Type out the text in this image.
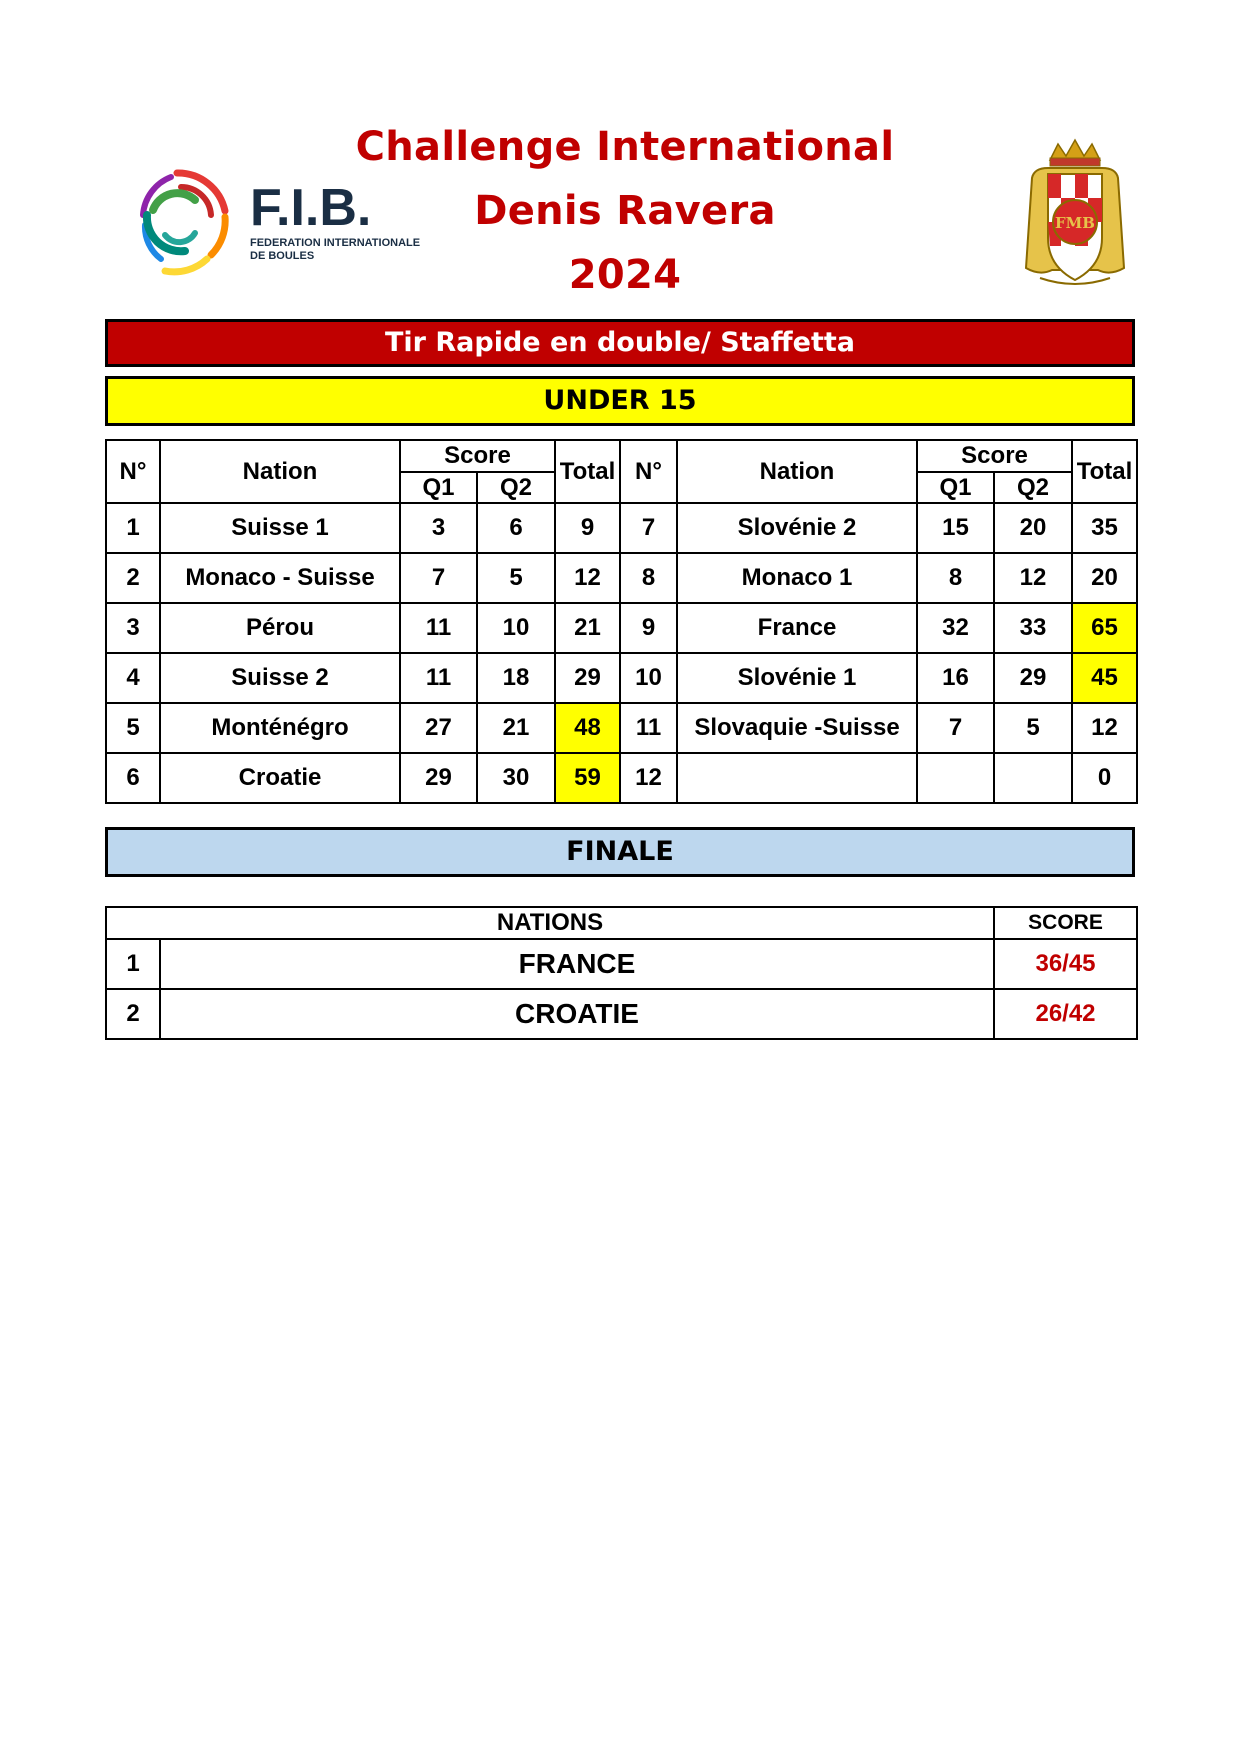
Challenge International
Denis Ravera
2024
F.I.B.
FEDERATION INTERNATIONALE
DE BOULES
FMB
Tir Rapide en double/ Staffetta
UNDER 15
N°	Nation	Score		Total	N°	Nation	Score		Total
		Q1	Q2				Q1	Q2	
1	Suisse 1	3	6	9	7	Slovénie 2	15	20	35
2	Monaco - Suisse	7	5	12	8	Monaco 1	8	12	20
3	Pérou	11	10	21	9	France	32	33	65
4	Suisse 2	11	18	29	10	Slovénie 1	16	29	45
5	Monténégro	27	21	48	11	Slovaquie -Suisse	7	5	12
6	Croatie	29	30	59	12				0
FINALE
NATIONS		SCORE
1	FRANCE	36/45
2	CROATIE	26/42
